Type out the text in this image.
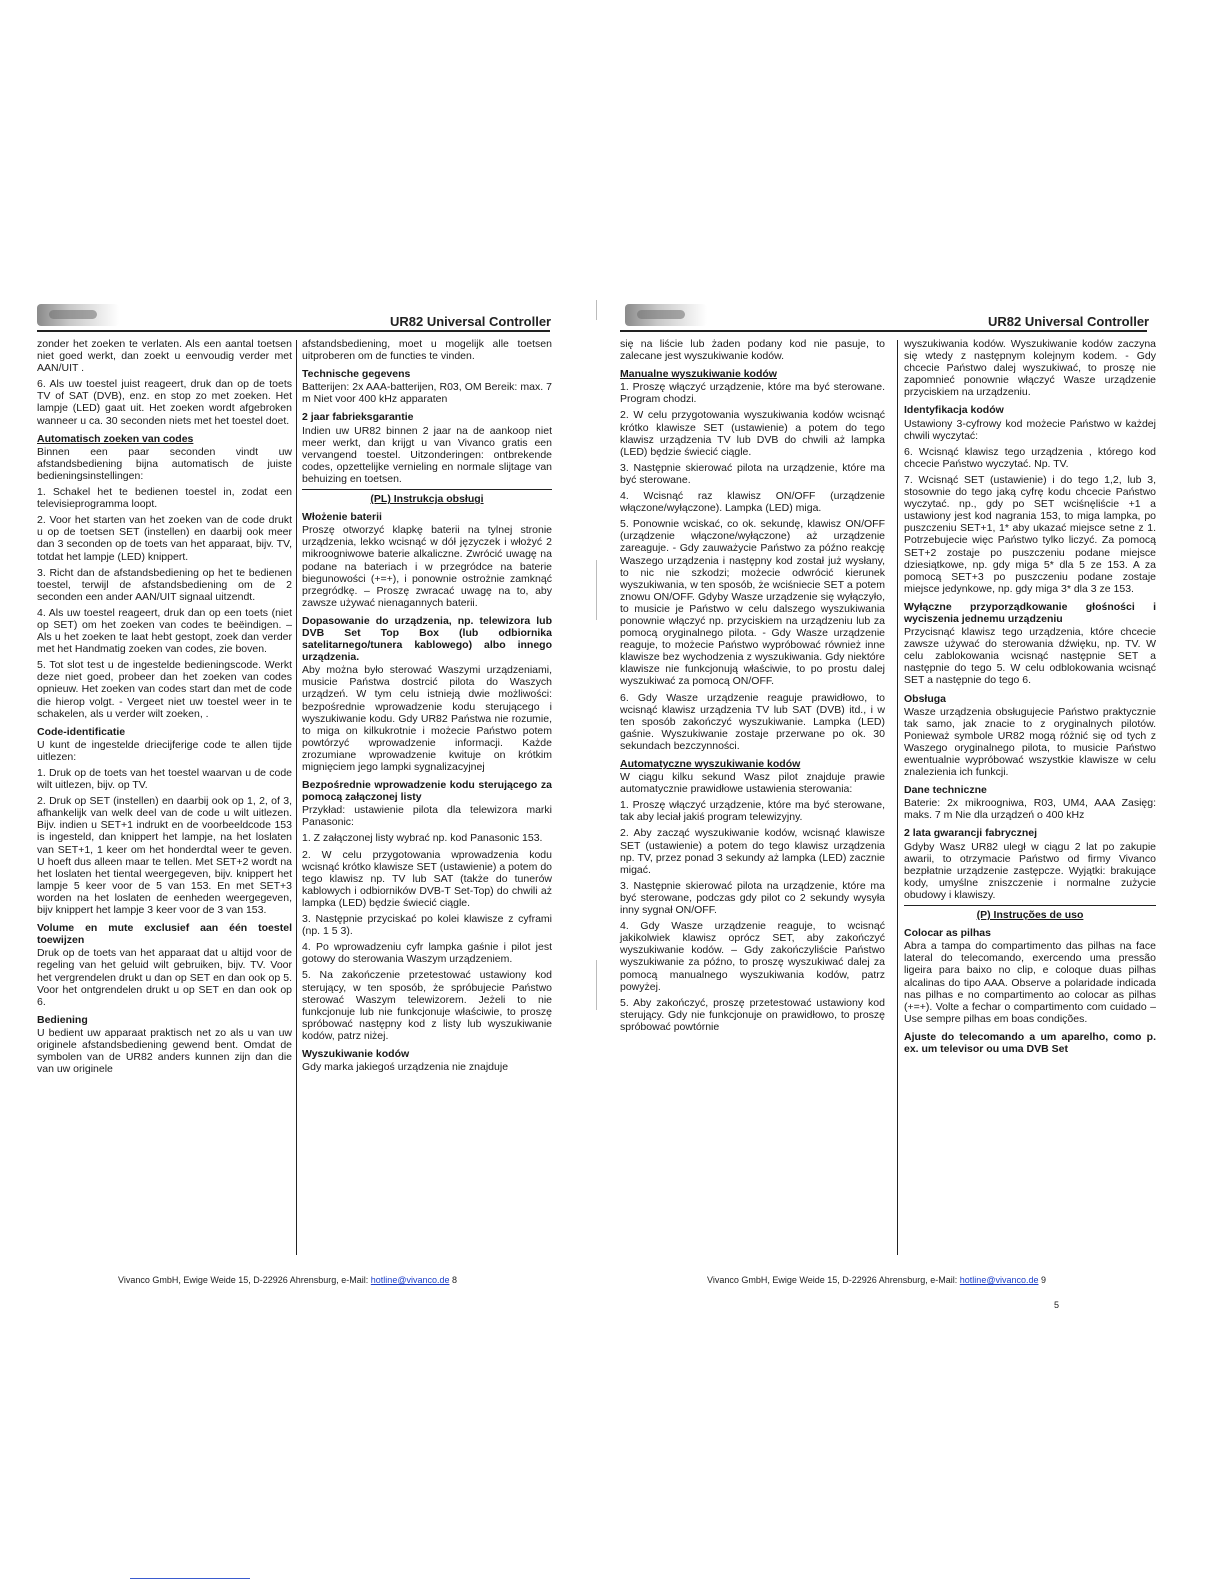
UR82 Universal Controller

zonder het zoeken te verlaten. Als een aantal toetsen niet goed werkt, dan zoekt u eenvoudig verder met AAN/UIT .

6. Als uw toestel juist reageert, druk dan op de toets TV of SAT (DVB), enz. en stop zo met zoeken. Het lampje (LED) gaat uit. Het zoeken wordt afgebroken wanneer u ca. 30 seconden niets met het toestel doet.

Automatisch zoeken van codes

Binnen een paar seconden vindt uw afstandsbediening bijna automatisch de juiste bedieningsinstellingen:

1. Schakel het te bedienen toestel in, zodat een televisieprogramma loopt.

2. Voor het starten van het zoeken van de code drukt u op de toetsen SET (instellen) en daarbij ook meer dan 3 seconden op de toets van het apparaat, bijv. TV, totdat het lampje (LED) knippert.

3. Richt dan de afstandsbediening op het te bedienen toestel, terwijl de afstandsbediening om de 2 seconden een ander AAN/UIT signaal uitzendt.

4. Als uw toestel reageert, druk dan op een toets (niet op SET) om het zoeken van codes te beëindigen. – Als u het zoeken te laat hebt gestopt, zoek dan verder met het Handmatig zoeken van codes, zie boven.

5. Tot slot test u de ingestelde bedieningscode. Werkt deze niet goed, probeer dan het zoeken van codes opnieuw. Het zoeken van codes start dan met de code die hierop volgt. - Vergeet niet uw toestel weer in te schakelen, als u verder wilt zoeken, .

Code-identificatie

U kunt de ingestelde driecijferige code te allen tijde uitlezen:

1. Druk op de toets van het toestel waarvan u de code wilt uitlezen, bijv. op TV.

2. Druk op SET (instellen) en daarbij ook op 1, 2, of 3, afhankelijk van welk deel van de code u wilt uitlezen. Bijv. indien u SET+1 indrukt en de voorbeeldcode 153 is ingesteld, dan knippert het lampje, na het loslaten van SET+1, 1 keer om het honderdtal weer te geven. U hoeft dus alleen maar te tellen. Met SET+2 wordt na het loslaten het tiental weergegeven, bijv. knippert het lampje 5 keer voor de 5 van 153. En met SET+3 worden na het loslaten de eenheden weergegeven, bijv knippert het lampje 3 keer voor de 3 van 153.

Volume en mute exclusief aan één toestel toewijzen

Druk op de toets van het apparaat dat u altijd voor de regeling van het geluid wilt gebruiken, bijv. TV. Voor het vergrendelen drukt u dan op SET en dan ook op 5. Voor het ontgrendelen drukt u op SET en dan ook op 6.

Bediening

U bedient uw apparaat praktisch net zo als u van uw originele afstandsbediening gewend bent. Omdat de symbolen van de UR82 anders kunnen zijn dan die van uw originele

afstandsbediening, moet u mogelijk alle toetsen uitproberen om de functies te vinden.

Technische gegevens

Batterijen: 2x AAA-batterijen, R03, OM Bereik: max. 7 m Niet voor 400 kHz apparaten

2 jaar fabrieksgarantie

Indien uw UR82 binnen 2 jaar na de aankoop niet meer werkt, dan krijgt u van Vivanco gratis een vervangend toestel. Uitzonderingen: ontbrekende codes, opzettelijke vernieling en normale slijtage van behuizing en toetsen.

(PL) Instrukcja obsługi

Włożenie baterii

Proszę otworzyć klapkę baterii na tylnej stronie urządzenia, lekko wcisnąć w dół języczek i włożyć 2 mikroogniwowe baterie alkaliczne. Zwrócić uwagę na podane na bateriach i w przegródce na baterie biegunowości (+=+), i ponownie ostrożnie zamknąć przegródkę. – Proszę zwracać uwagę na to, aby zawsze używać nienagannych baterii.

Dopasowanie do urządzenia, np. telewizora lub DVB Set Top Box (lub odbiornika satelitarnego/tunera kablowego) albo innego urządzenia.

Aby można było sterować Waszymi urządzeniami, musicie Państwa dostrcić pilota do Waszych urządzeń. W tym celu istnieją dwie możliwości: bezpośrednie wprowadzenie kodu sterującego i wyszukiwanie kodu. Gdy UR82 Państwa nie rozumie, to miga on kilkukrotnie i możecie Państwo potem powtórzyć wprowadzenie informacji. Każde zrozumiane wprowadzenie kwituje on krótkim mignięciem jego lampki sygnalizacyjnej

Bezpośrednie wprowadzenie kodu sterującego za pomocą załączonej listy

Przykład: ustawienie pilota dla telewizora marki Panasonic:

1. Z załączonej listy wybrać np. kod Panasonic 153.

2. W celu przygotowania wprowadzenia kodu wcisnąć krótko klawisze SET (ustawienie) a potem do tego klawisz np. TV lub SAT (także do tunerów kablowych i odbiorników DVB-T Set-Top) do chwili aż lampka (LED) będzie świecić ciągle.

3. Następnie przyciskać po kolei klawisze z cyframi (np. 1 5 3).

4. Po wprowadzeniu cyfr lampka gaśnie i pilot jest gotowy do sterowania Waszym urządzeniem.

5. Na zakończenie przetestować ustawiony kod sterujący, w ten sposób, że spróbujecie Państwo sterować Waszym telewizorem. Jeżeli to nie funkcjonuje lub nie funkcjonuje właściwie, to proszę spróbować następny kod z listy lub wyszukiwanie kodów, patrz niżej.

Wyszukiwanie kodów

Gdy marka jakiegoś urządzenia nie znajduje

Vivanco GmbH, Ewige Weide 15, D-22926 Ahrensburg, e-Mail: hotline@vivanco.de 8
UR82 Universal Controller

się na liście lub żaden podany kod nie pasuje, to zalecane jest wyszukiwanie kodów.

Manualne wyszukiwanie kodów

1. Proszę włączyć urządzenie, które ma być sterowane. Program chodzi.

2. W celu przygotowania wyszukiwania kodów wcisnąć krótko klawisze SET (ustawienie) a potem do tego klawisz urządzenia TV lub DVB do chwili aż lampka (LED) będzie świecić ciągle.

3. Następnie skierować pilota na urządzenie, które ma być sterowane.

4. Wcisnąć raz klawisz ON/OFF (urządzenie włączone/wyłączone). Lampka (LED) miga.

5. Ponownie wciskać, co ok. sekundę, klawisz ON/OFF (urządzenie włączone/wyłączone) aż urządzenie zareaguje. - Gdy zauważycie Państwo za późno reakcję Waszego urządzenia i następny kod został już wysłany, to nic nie szkodzi; możecie odwrócić kierunek wyszukiwania, w ten sposób, że wciśniecie SET a potem znowu ON/OFF. Gdyby Wasze urządzenie się wyłączyło, to musicie je Państwo w celu dalszego wyszukiwania ponownie włączyć np. przyciskiem na urządzeniu lub za pomocą oryginalnego pilota. - Gdy Wasze urządzenie reaguje, to możecie Państwo wypróbować również inne klawisze bez wychodzenia z wyszukiwania. Gdy niektóre klawisze nie funkcjonują właściwie, to po prostu dalej wyszukiwać za pomocą ON/OFF.

6. Gdy Wasze urządzenie reaguje prawidłowo, to wcisnąć klawisz urządzenia TV lub SAT (DVB) itd., i w ten sposób zakończyć wyszukiwanie. Lampka (LED) gaśnie. Wyszukiwanie zostaje przerwane po ok. 30 sekundach bezczynności.

Automatyczne wyszukiwanie kodów

W ciągu kilku sekund Wasz pilot znajduje prawie automatycznie prawidłowe ustawienia sterowania:

1. Proszę włączyć urządzenie, które ma być sterowane, tak aby leciał jakiś program telewizyjny.

2. Aby zacząć wyszukiwanie kodów, wcisnąć klawisze SET (ustawienie) a potem do tego klawisz urządzenia np. TV, przez ponad 3 sekundy aż lampka (LED) zacznie migać.

3. Następnie skierować pilota na urządzenie, które ma być sterowane, podczas gdy pilot co 2 sekundy wysyła inny sygnał ON/OFF.

4. Gdy Wasze urządzenie reaguje, to wcisnąć jakikolwiek klawisz oprócz SET, aby zakończyć wyszukiwanie kodów. – Gdy zakończyliście Państwo wyszukiwanie za późno, to proszę wyszukiwać dalej za pomocą manualnego wyszukiwania kodów, patrz powyżej.

5. Aby zakończyć, proszę przetestować ustawiony kod sterujący. Gdy nie funkcjonuje on prawidłowo, to proszę spróbować powtórnie

wyszukiwania kodów. Wyszukiwanie kodów zaczyna się wtedy z następnym kolejnym kodem. - Gdy chcecie Państwo dalej wyszukiwać, to proszę nie zapomnieć ponownie włączyć Wasze urządzenie przyciskiem na urządzeniu.

Identyfikacja kodów

Ustawiony 3-cyfrowy kod możecie Państwo w każdej chwili wyczytać:

6. Wcisnąć klawisz tego urządzenia , którego kod chcecie Państwo wyczytać. Np. TV.

7. Wcisnąć SET (ustawienie) i do tego 1,2, lub 3, stosownie do tego jaką cyfrę kodu chcecie Państwo wyczytać. np., gdy po SET wciśnęliście +1 a ustawiony jest kod nagrania 153, to miga lampka, po puszczeniu SET+1, 1* aby ukazać miejsce setne z 1. Potrzebujecie więc Państwo tylko liczyć. Za pomocą SET+2 zostaje po puszczeniu podane miejsce dziesiątkowe, np. gdy miga 5* dla 5 ze 153. A za pomocą SET+3 po puszczeniu podane zostaje miejsce jedynkowe, np. gdy miga 3* dla 3 ze 153.

Wyłączne przyporządkowanie głośności i wyciszenia jednemu urządzeniu

Przycisnąć klawisz tego urządzenia, które chcecie zawsze używać do sterowania dźwięku, np. TV. W celu zablokowania wcisnąć następnie SET a następnie do tego 5. W celu odblokowania wcisnąć SET a następnie do tego 6.

Obsługa

Wasze urządzenia obsługujecie Państwo praktycznie tak samo, jak znacie to z oryginalnych pilotów. Ponieważ symbole UR82 mogą różnić się od tych z Waszego oryginalnego pilota, to musicie Państwo ewentualnie wypróbować wszystkie klawisze w celu znalezienia ich funkcji.

Dane techniczne

Baterie: 2x mikroogniwa, R03, UM4, AAA Zasięg: maks. 7 m Nie dla urządzeń o 400 kHz

2 lata gwarancji fabrycznej

Gdyby Wasz UR82 uległ w ciągu 2 lat po zakupie awarii, to otrzymacie Państwo od firmy Vivanco bezpłatnie urządzenie zastępcze. Wyjątki: brakujące kody, umyślne zniszczenie i normalne zużycie obudowy i klawiszy.

(P) Instruções de uso

Colocar as pilhas

Abra a tampa do compartimento das pilhas na face lateral do telecomando, exercendo uma pressão ligeira para baixo no clip, e coloque duas pilhas alcalinas do tipo AAA. Observe a polaridade indicada nas pilhas e no compartimento ao colocar as pilhas (+=+). Volte a fechar o compartimento com cuidado – Use sempre pilhas em boas condições.

Ajuste do telecomando a um aparelho, como p. ex. um televisor ou uma DVB Set

Vivanco GmbH, Ewige Weide 15, D-22926 Ahrensburg, e-Mail: hotline@vivanco.de 9
5
